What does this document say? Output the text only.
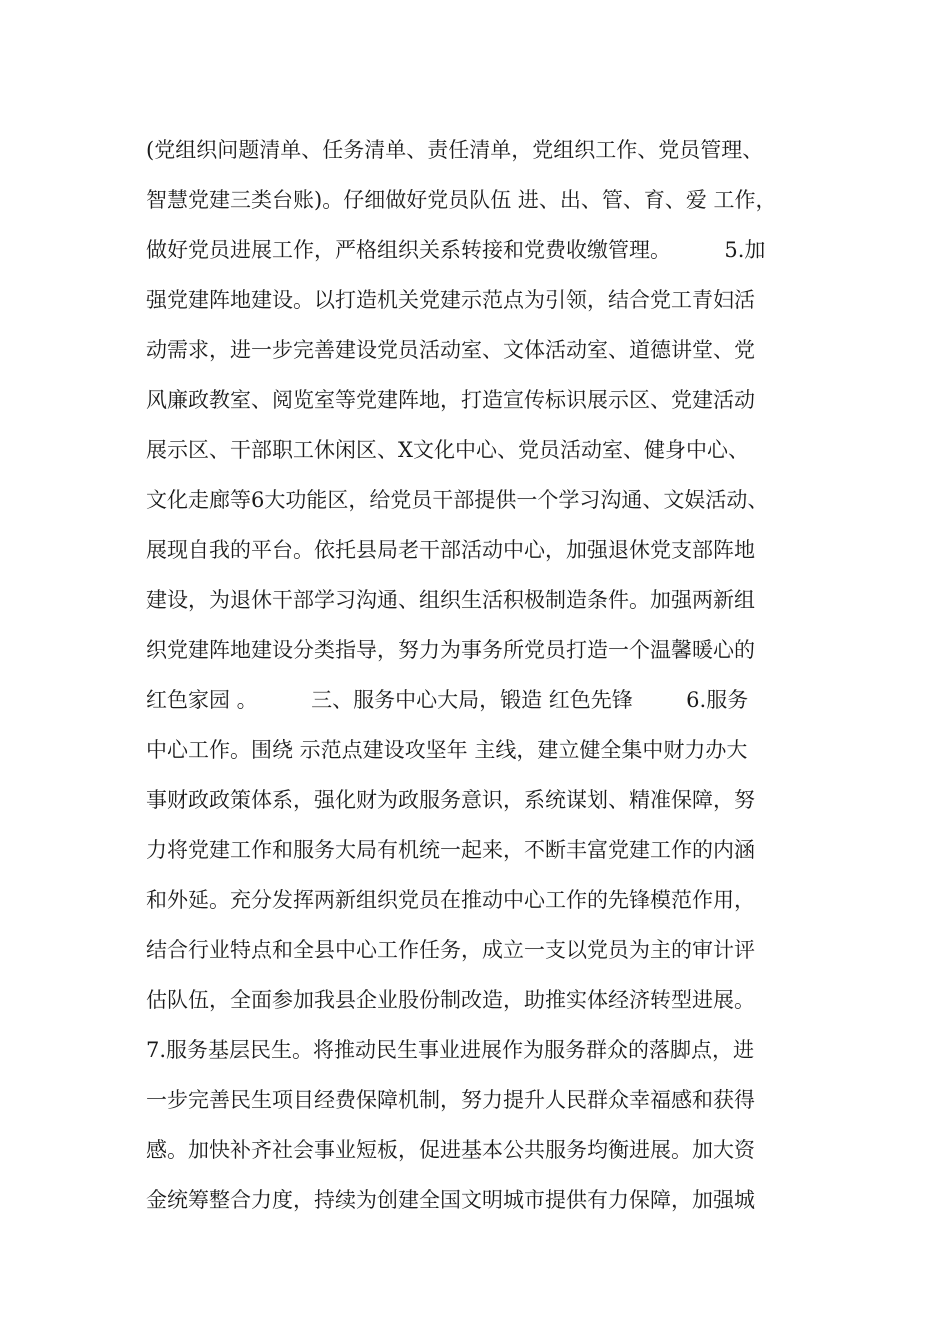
(党组织问题清单、任务清单、责任清单，党组织工作、党员管理、
智慧党建三类台账)。仔细做好党员队伍 进、出、管、育、爱 工作，
做好党员进展工作，严格组织关系转接和党费收缴管理。        5.加
强党建阵地建设。以打造机关党建示范点为引领，结合党工青妇活
动需求，进一步完善建设党员活动室、文体活动室、道德讲堂、党
风廉政教室、阅览室等党建阵地，打造宣传标识展示区、党建活动
展示区、干部职工休闲区、X文化中心、党员活动室、健身中心、
文化走廊等6大功能区，给党员干部提供一个学习沟通、文娱活动、
展现自我的平台。依托县局老干部活动中心，加强退休党支部阵地
建设，为退休干部学习沟通、组织生活积极制造条件。加强两新组
织党建阵地建设分类指导，努力为事务所党员打造一个温馨暖心的
红色家园 。        三、服务中心大局，锻造 红色先锋        6.服务
中心工作。围绕 示范点建设攻坚年 主线，建立健全集中财力办大
事财政政策体系，强化财为政服务意识，系统谋划、精准保障，努
力将党建工作和服务大局有机统一起来，不断丰富党建工作的内涵
和外延。充分发挥两新组织党员在推动中心工作的先锋模范作用，
结合行业特点和全县中心工作任务，成立一支以党员为主的审计评
估队伍，全面参加我县企业股份制改造，助推实体经济转型进展。
7.服务基层民生。将推动民生事业进展作为服务群众的落脚点，进
一步完善民生项目经费保障机制，努力提升人民群众幸福感和获得
感。加快补齐社会事业短板，促进基本公共服务均衡进展。加大资
金统筹整合力度，持续为创建全国文明城市提供有力保障，加强城
